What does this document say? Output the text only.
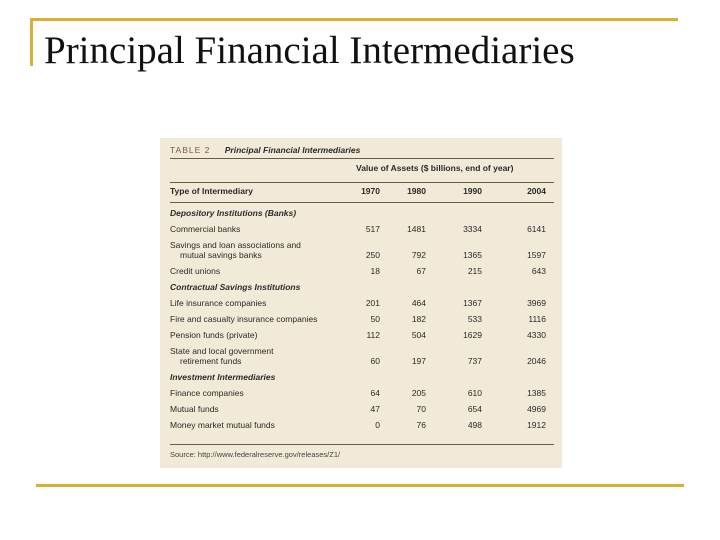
Principal Financial Intermediaries
TABLE 2 Principal Financial Intermediaries
Value of Assets ($ billions, end of year)
Type of Intermediary	1970	1980	1990	2004
Depository Institutions (Banks)
Commercial banks	517	1481	3334	6141
Savings and loan associations and
mutual savings banks	250	792	1365	1597
Credit unions	18	67	215	643
Contractual Savings Institutions
Life insurance companies	201	464	1367	3969
Fire and casualty insurance companies	50	182	533	1116
Pension funds (private)	112	504	1629	4330
State and local government
retirement funds	60	197	737	2046
Investment Intermediaries
Finance companies	64	205	610	1385
Mutual funds	47	70	654	4969
Money market mutual funds	0	76	498	1912
Source: http://www.federalreserve.gov/releases/Z1/
